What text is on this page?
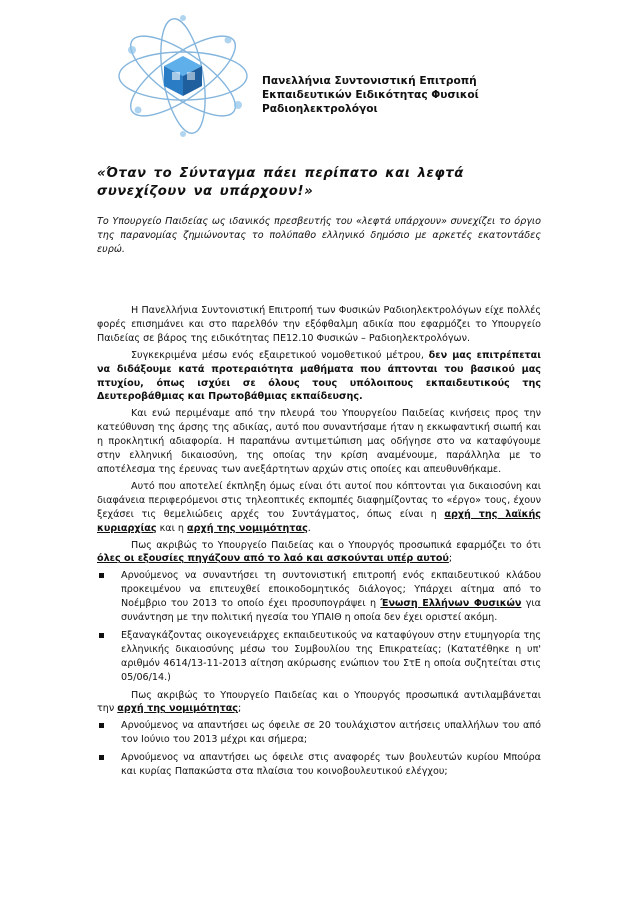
Πανελλήνια Συντονιστική Επιτροπή
Εκπαιδευτικών Ειδικότητας Φυσικοί
Ραδιοηλεκτρολόγοι
«Όταν το Σύνταγμα πάει περίπατο και λεφτά συνεχίζουν να υπάρχουν!»
Το Υπουργείο Παιδείας ως ιδανικός πρεσβευτής του «λεφτά υπάρχουν» συνεχίζει το όργιο της παρανομίας ζημιώνοντας το πολύπαθο ελληνικό δημόσιο με αρκετές εκατοντάδες ευρώ.

Η Πανελλήνια Συντονιστική Επιτροπή των Φυσικών Ραδιοηλεκτρολόγων είχε πολλές φορές επισημάνει και στο παρελθόν την εξόφθαλμη αδικία που εφαρμόζει το Υπουργείο Παιδείας σε βάρος της ειδικότητας ΠΕ12.10 Φυσικών – Ραδιοηλεκτρολόγων.

Συγκεκριμένα μέσω ενός εξαιρετικού νομοθετικού μέτρου, δεν μας επιτρέπεται να διδάξουμε κατά προτεραιότητα μαθήματα που άπτονται του βασικού μας πτυχίου, όπως ισχύει σε όλους τους υπόλοιπους εκπαιδευτικούς της Δευτεροβάθμιας και Πρωτοβάθμιας εκπαίδευσης.

Και ενώ περιμέναμε από την πλευρά του Υπουργείου Παιδείας κινήσεις προς την κατεύθυνση της άρσης της αδικίας, αυτό που συναντήσαμε ήταν η εκκωφαντική σιωπή και η προκλητική αδιαφορία. Η παραπάνω αντιμετώπιση μας οδήγησε στο να καταφύγουμε στην ελληνική δικαιοσύνη, της οποίας την κρίση αναμένουμε, παράλληλα με το αποτέλεσμα της έρευνας των ανεξάρτητων αρχών στις οποίες και απευθυνθήκαμε.

Αυτό που αποτελεί έκπληξη όμως είναι ότι αυτοί που κόπτονται για δικαιοσύνη και διαφάνεια περιφερόμενοι στις τηλεοπτικές εκπομπές διαφημίζοντας το «έργο» τους, έχουν ξεχάσει τις θεμελιώδεις αρχές του Συντάγματος, όπως είναι η αρχή της λαϊκής κυριαρχίας και η αρχή της νομιμότητας.

Πως ακριβώς το Υπουργείο Παιδείας και ο Υπουργός προσωπικά εφαρμόζει το ότι όλες οι εξουσίες πηγάζουν από το λαό και ασκούνται υπέρ αυτού;

Αρνούμενος να συναντήσει τη συντονιστική επιτροπή ενός εκπαιδευτικού κλάδου προκειμένου να επιτευχθεί εποικοδομητικός διάλογος; Υπάρχει αίτημα από το Νοέμβριο του 2013 το οποίο έχει προσυπογράψει η Ένωση Ελλήνων Φυσικών για συνάντηση με την πολιτική ηγεσία του ΥΠΑΙΘ η οποία δεν έχει οριστεί ακόμη.
Εξαναγκάζοντας οικογενειάρχες εκπαιδευτικούς να καταφύγουν στην ετυμηγορία της ελληνικής δικαιοσύνης μέσω του Συμβουλίου της Επικρατείας; (Κατατέθηκε η υπ' αριθμόν 4614/13-11-2013 αίτηση ακύρωσης ενώπιον του ΣτΕ η οποία συζητείται στις 05/06/14.)

Πως ακριβώς το Υπουργείο Παιδείας και ο Υπουργός προσωπικά αντιλαμβάνεται την αρχή της νομιμότητας;

Αρνούμενος να απαντήσει ως όφειλε σε 20 τουλάχιστον αιτήσεις υπαλλήλων του από τον Ιούνιο του 2013 μέχρι και σήμερα;
Αρνούμενος να απαντήσει ως όφειλε στις αναφορές των βουλευτών κυρίου Μπούρα και κυρίας Παπακώστα στα πλαίσια του κοινοβουλευτικού ελέγχου;
